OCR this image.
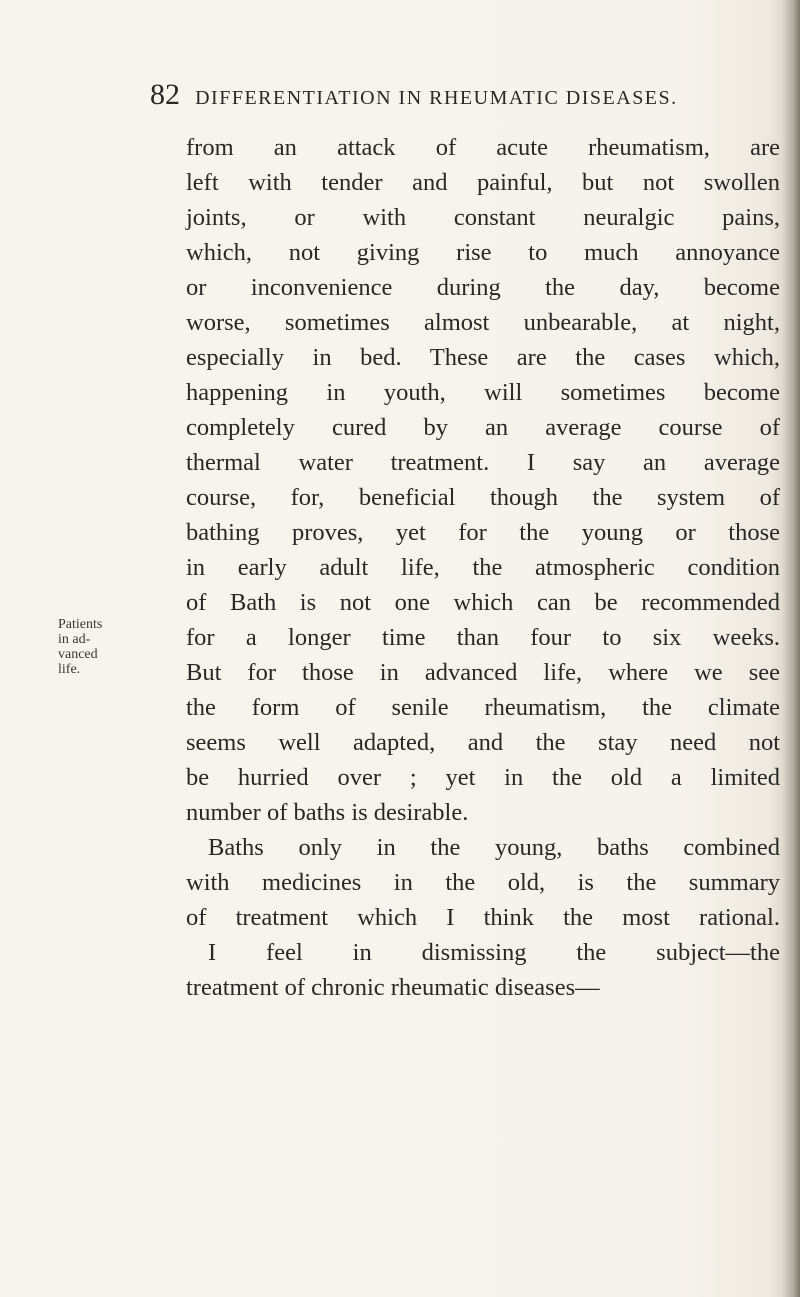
82 DIFFERENTIATION IN RHEUMATIC DISEASES.
Patients
in ad-
vanced
life.
from an attack of acute rheumatism, are
left with tender and painful, but not swollen
joints, or with constant neuralgic pains,
which, not giving rise to much annoyance
or inconvenience during the day, become
worse, sometimes almost unbearable, at night,
especially in bed. These are the cases which,
happening in youth, will sometimes become
completely cured by an average course of
thermal water treatment. I say an average
course, for, beneficial though the system of
bathing proves, yet for the young or those
in early adult life, the atmospheric condition
of Bath is not one which can be recommended
for a longer time than four to six weeks.
But for those in advanced life, where we see
the form of senile rheumatism, the climate
seems well adapted, and the stay need not
be hurried over ; yet in the old a limited
number of baths is desirable.
Baths only in the young, baths combined
with medicines in the old, is the summary
of treatment which I think the most rational.
I feel in dismissing the subject—the
treatment of chronic rheumatic diseases—
